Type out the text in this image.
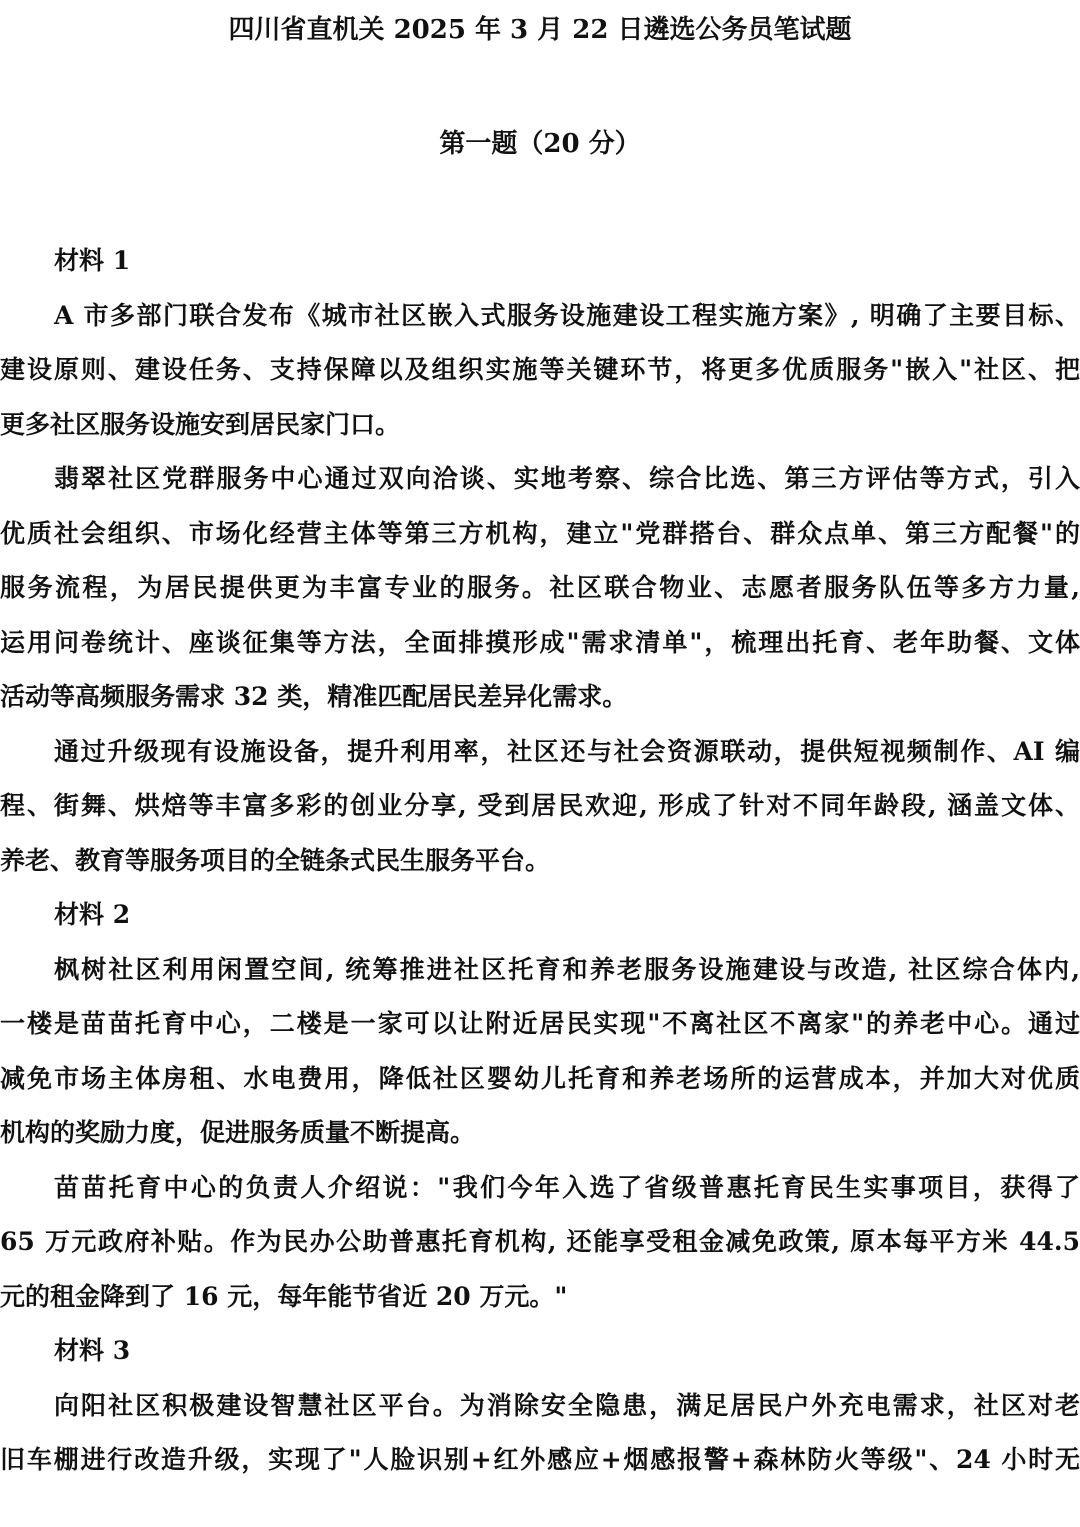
四川省直机关 2025 年 3 月 22 日遴选公务员笔试题
第一题（20 分）
材料 1
A 市多部门联合发布《城市社区嵌入式服务设施建设工程实施方案》, 明确了主要目标、
建设原则、建设任务、支持保障以及组织实施等关键环节，将更多优质服务"嵌入"社区、把
更多社区服务设施安到居民家门口。
翡翠社区党群服务中心通过双向洽谈、实地考察、综合比选、第三方评估等方式，引入
优质社会组织、市场化经营主体等第三方机构，建立"党群搭台、群众点单、第三方配餐"的
服务流程，为居民提供更为丰富专业的服务。社区联合物业、志愿者服务队伍等多方力量,
运用问卷统计、座谈征集等方法，全面排摸形成"需求清单"，梳理出托育、老年助餐、文体
活动等高频服务需求 32 类，精准匹配居民差异化需求。
通过升级现有设施设备，提升利用率，社区还与社会资源联动，提供短视频制作、AI 编
程、街舞、烘焙等丰富多彩的创业分享, 受到居民欢迎, 形成了针对不同年龄段, 涵盖文体、
养老、教育等服务项目的全链条式民生服务平台。
材料 2
枫树社区利用闲置空间, 统筹推进社区托育和养老服务设施建设与改造, 社区综合体内,
一楼是苗苗托育中心，二楼是一家可以让附近居民实现"不离社区不离家"的养老中心。通过
减免市场主体房租、水电费用，降低社区婴幼儿托育和养老场所的运营成本，并加大对优质
机构的奖励力度，促进服务质量不断提高。
苗苗托育中心的负责人介绍说："我们今年入选了省级普惠托育民生实事项目，获得了
65 万元政府补贴。作为民办公助普惠托育机构, 还能享受租金减免政策, 原本每平方米 44.5
元的租金降到了 16 元，每年能节省近 20 万元。"
材料 3
向阳社区积极建设智慧社区平台。为消除安全隐患，满足居民户外充电需求，社区对老
旧车棚进行改造升级，实现了"人脸识别+红外感应+烟感报警+森林防火等级"、24 小时无
